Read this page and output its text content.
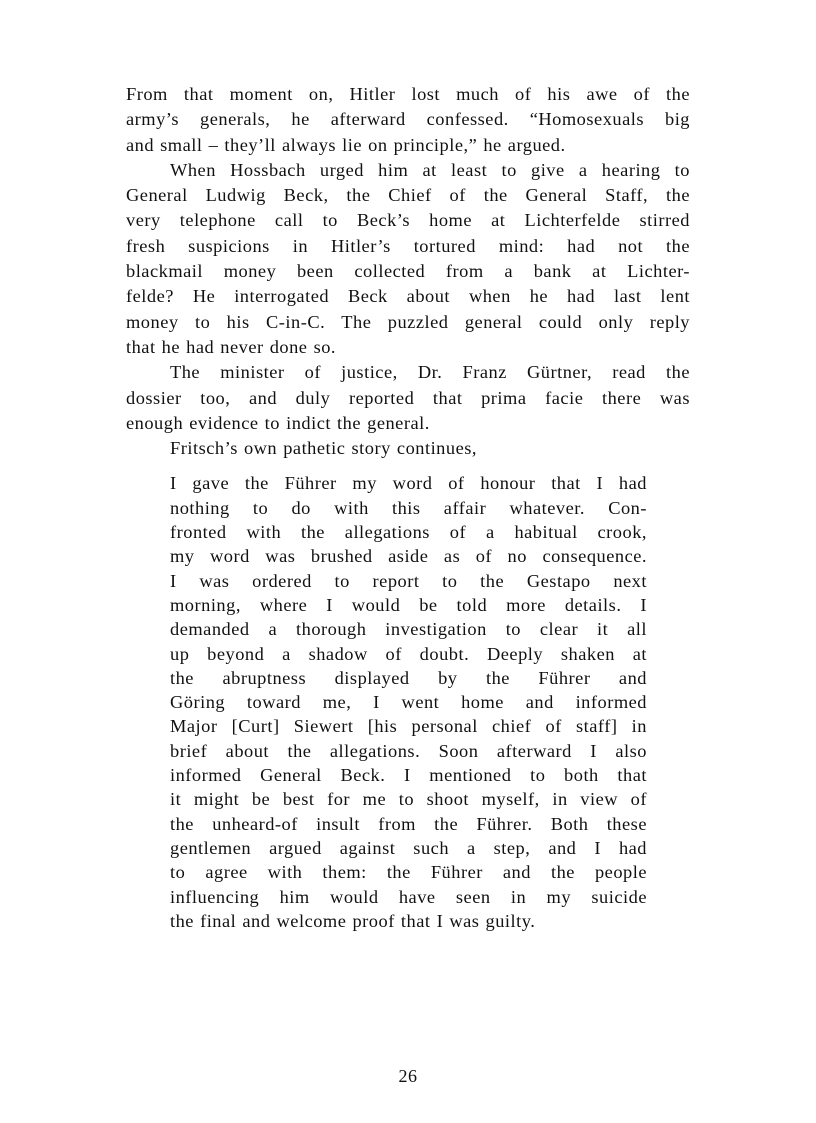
From that moment on, Hitler lost much of his awe of the
army’s generals, he afterward confessed. “Homosexuals big
and small – they’ll always lie on principle,” he argued.
When Hossbach urged him at least to give a hearing to
General Ludwig Beck, the Chief of the General Staff, the
very telephone call to Beck’s home at Lichterfelde stirred
fresh suspicions in Hitler’s tortured mind: had not the
blackmail money been collected from a bank at Lichter-
felde? He interrogated Beck about when he had last lent
money to his C-in-C. The puzzled general could only reply
that he had never done so.
The minister of justice, Dr. Franz Gürtner, read the
dossier too, and duly reported that prima facie there was
enough evidence to indict the general.
Fritsch’s own pathetic story continues,
I gave the Führer my word of honour that I had
nothing to do with this affair whatever. Con-
fronted with the allegations of a habitual crook,
my word was brushed aside as of no consequence.
I was ordered to report to the Gestapo next
morning, where I would be told more details. I
demanded a thorough investigation to clear it all
up beyond a shadow of doubt. Deeply shaken at
the abruptness displayed by the Führer and
Göring toward me, I went home and informed
Major [Curt] Siewert [his personal chief of staff] in
brief about the allegations. Soon afterward I also
informed General Beck. I mentioned to both that
it might be best for me to shoot myself, in view of
the unheard-of insult from the Führer. Both these
gentlemen argued against such a step, and I had
to agree with them: the Führer and the people
influencing him would have seen in my suicide
the final and welcome proof that I was guilty.
26
